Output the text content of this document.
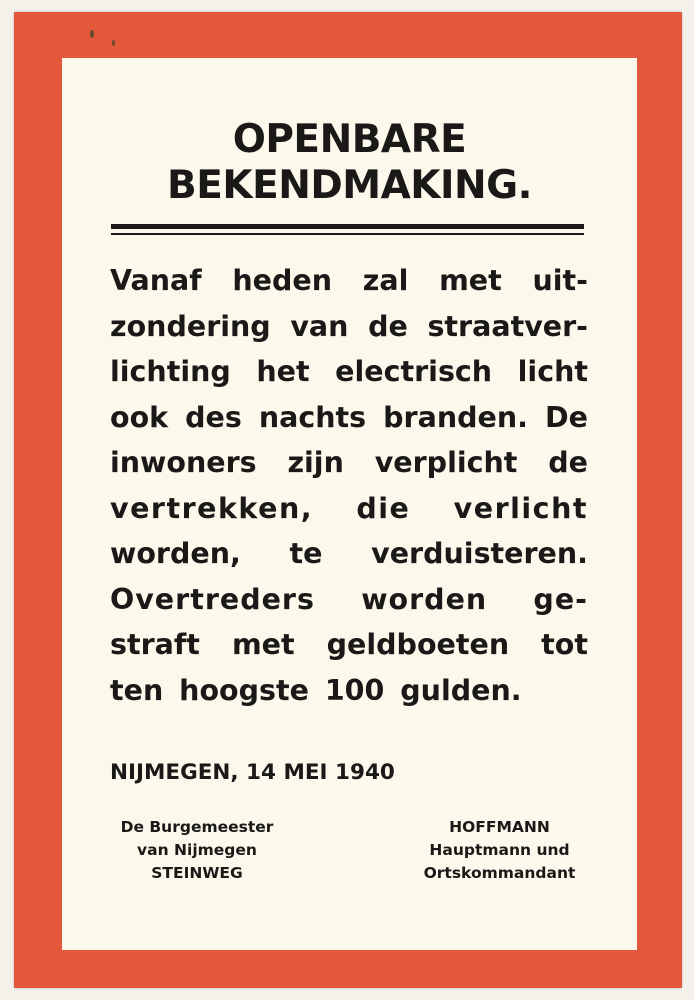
OPENBARE
BEKENDMAKING.
Vanaf heden zal met uit-
zondering van de straatver-
lichting het electrisch licht
ook des nachts branden. De
inwoners zijn verplicht de
vertrekken, die verlicht
worden, te verduisteren.
Overtreders worden ge-
straft met geldboeten tot
ten hoogste 100 gulden.
NIJMEGEN, 14 MEI 1940
De Burgemeester
van Nijmegen
STEINWEG
HOFFMANN
Hauptmann und
Ortskommandant
